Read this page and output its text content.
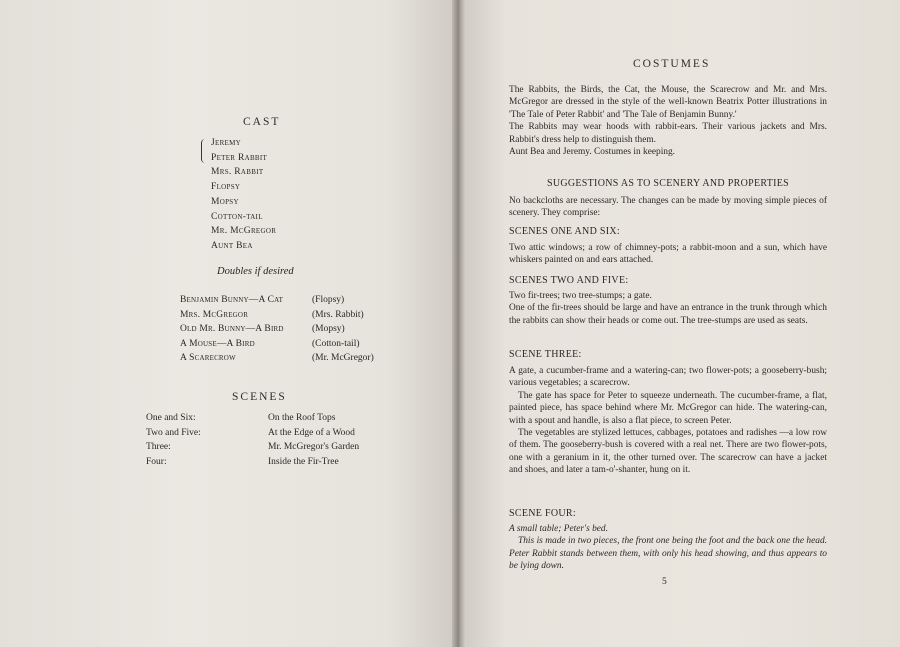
CAST
Jeremy
Peter Rabbit
Mrs. Rabbit
Flopsy
Mopsy
Cotton-tail
Mr. McGregor
Aunt Bea
Doubles if desired
Benjamin Bunny—A Cat	(Flopsy)
Mrs. McGregor	(Mrs. Rabbit)
Old Mr. Bunny—A Bird	(Mopsy)
A Mouse—A Bird	(Cotton-tail)
A Scarecrow	(Mr. McGregor)
SCENES
One and Six:	On the Roof Tops
Two and Five:	At the Edge of a Wood
Three:	Mr. McGregor's Garden
Four:	Inside the Fir-Tree
COSTUMES

The Rabbits, the Birds, the Cat, the Mouse, the Scarecrow and Mr. and Mrs. McGregor are dressed in the style of the well-known Beatrix Potter illustrations in 'The Tale of Peter Rabbit' and 'The Tale of Benjamin Bunny.'

The Rabbits may wear hoods with rabbit-ears. Their various jackets and Mrs. Rabbit's dress help to distinguish them.

Aunt Bea and Jeremy. Costumes in keeping.

SUGGESTIONS AS TO SCENERY AND PROPERTIES

No backcloths are necessary. The changes can be made by moving simple pieces of scenery. They comprise:

SCENES ONE AND SIX:

Two attic windows; a row of chimney-pots; a rabbit-moon and a sun, which have whiskers painted on and ears attached.

SCENES TWO AND FIVE:

Two fir-trees; two tree-stumps; a gate.

One of the fir-trees should be large and have an entrance in the trunk through which the rabbits can show their heads or come out. The tree-stumps are used as seats.

SCENE THREE:

A gate, a cucumber-frame and a watering-can; two flower-pots; a gooseberry-bush; various vegetables; a scarecrow.

The gate has space for Peter to squeeze underneath. The cucumber-frame, a flat, painted piece, has space behind where Mr. McGregor can hide. The watering-can, with a spout and handle, is also a flat piece, to screen Peter.

The vegetables are stylized lettuces, cabbages, potatoes and radishes —a low row of them. The gooseberry-bush is covered with a real net. There are two flower-pots, one with a geranium in it, the other turned over. The scarecrow can have a jacket and shoes, and later a tam-o'-shanter, hung on it.

SCENE FOUR:

A small table; Peter's bed.

This is made in two pieces, the front one being the foot and the back one the head. Peter Rabbit stands between them, with only his head showing, and thus appears to be lying down.

5
